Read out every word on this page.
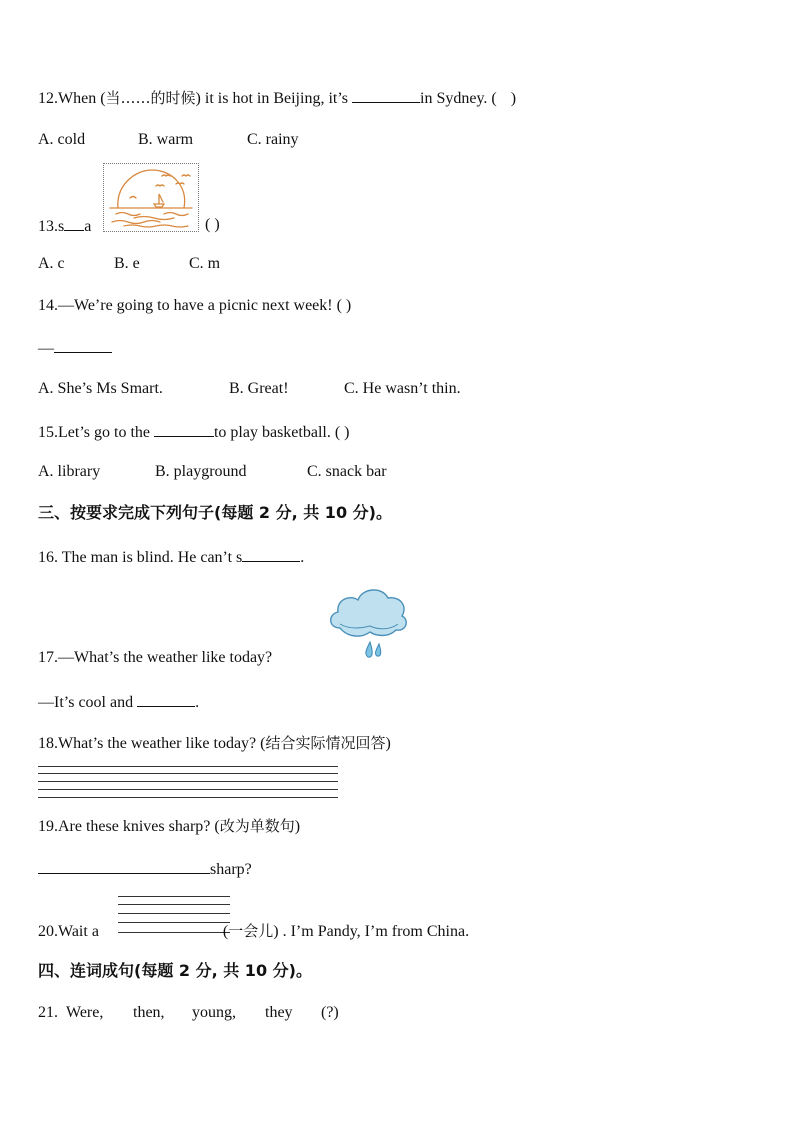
12.When (当……的时候) it is hot in Beijing, it’s	in Sydney. ( )
A. cold	B. warm	C. rainy
13.s a	( )
A. c	B. e	C. m
14.—We’re going to have a picnic next week! ( )
—
A. She’s Ms Smart.	B. Great!	C. He wasn’t thin.
15.Let’s go to the	to play basketball. ( )
A. library	B. playground	C. snack bar
三、按要求完成下列句子(每题 2 分, 共 10 分)。
16. The man is blind. He can’t s	.
17.—What’s the weather like today?
—It’s cool and	.
18.What’s the weather like today? (结合实际情况回答)
19.Are these knives sharp? (改为单数句)
sharp?
20.Wait a	(一会儿) . I’m Pandy, I’m from China.
四、连词成句(每题 2 分, 共 10 分)。
21. Were, then, young, they (?)
